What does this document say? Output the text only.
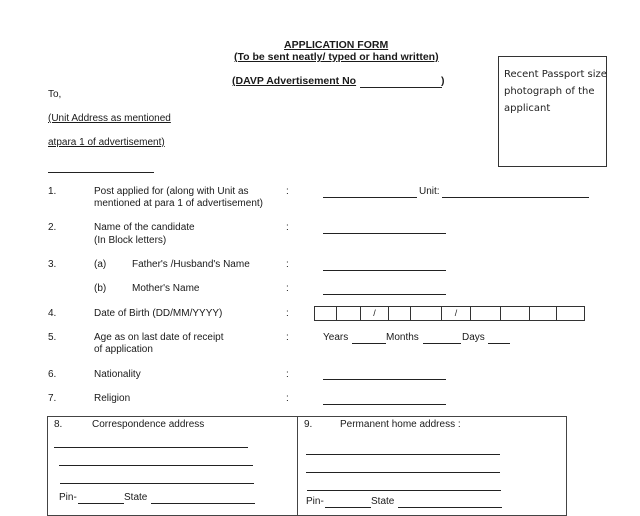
APPLICATION FORM
(To be sent neatly/ typed or hand written)
(DAVP Advertisement No	)
To,
(Unit Address as mentioned
atpara 1 of advertisement)
Recent Passport size photograph of the applicant
1.	Post applied for (along with Unit as
mentioned at para 1 of advertisement)
:	Unit:
2.	Name of the candidate
(In Block letters)
:
3.	(a)	Father's /Husband's Name	:
(b)	Mother's Name	:
4.	Date of Birth (DD/MM/YYYY)	:	/	/
5.	Age as on last date of receipt
of application
:	Years	Months	Days
6.	Nationality	:
7.	Religion	:
8.	Correspondence address
Pin-	State
9.	Permanent home address :
Pin-	State
